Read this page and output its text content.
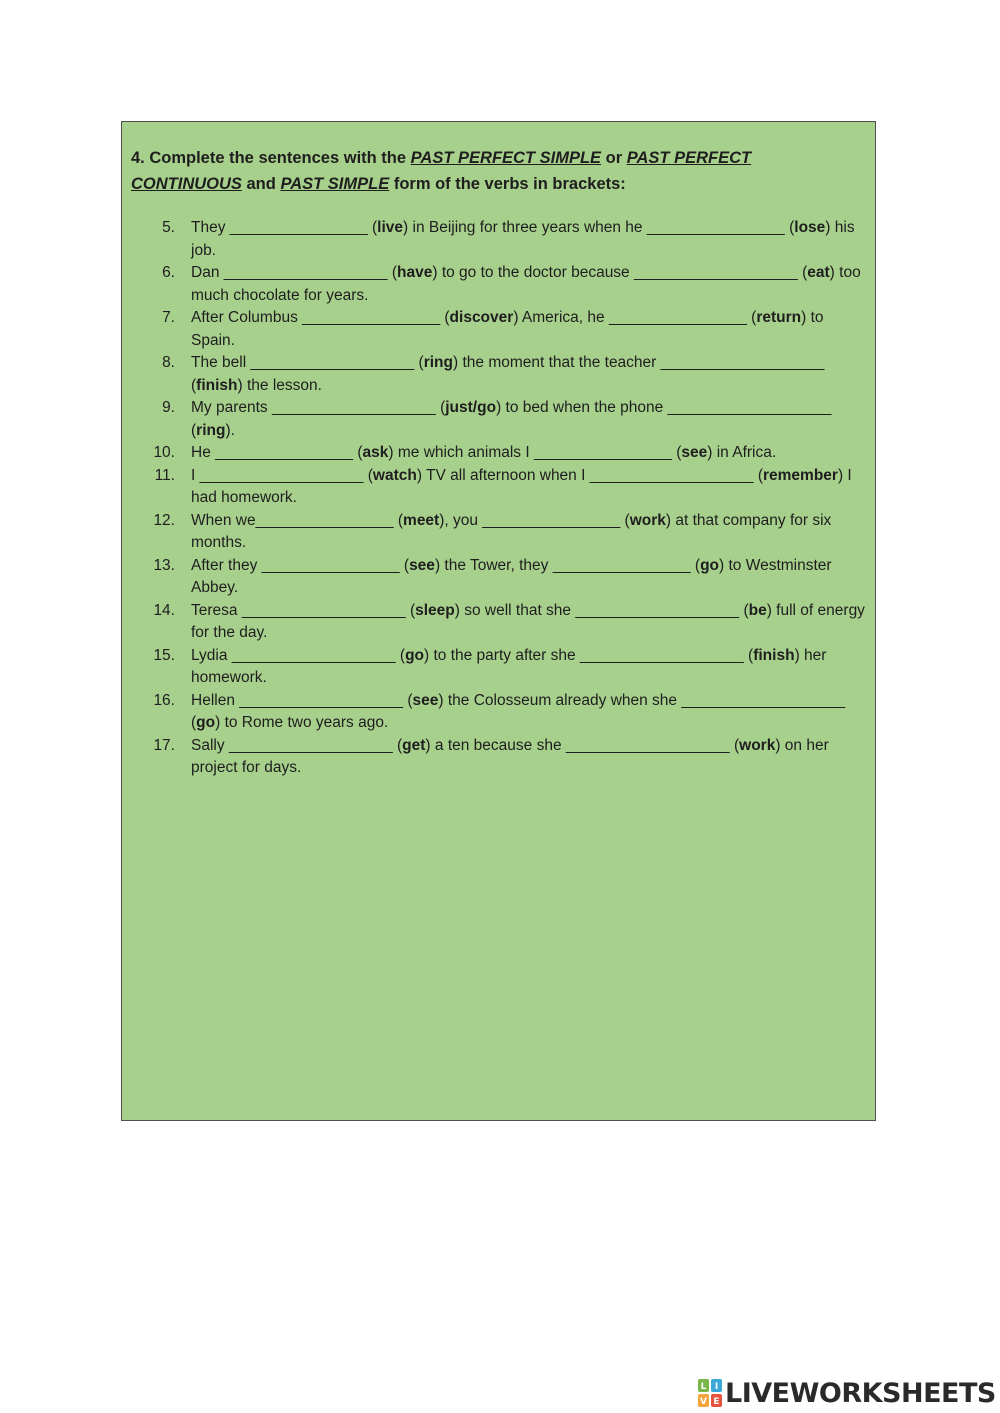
4. Complete the sentences with the PAST PERFECT SIMPLE or PAST PERFECT
CONTINUOUS and PAST SIMPLE form of the verbs in brackets:
5. They ________________ (live) in Beijing for three years when he ________________ (lose) his job.
6. Dan ___________________ (have) to go to the doctor because ___________________ (eat) too much chocolate for years.
7. After Columbus ________________ (discover) America, he ________________ (return) to Spain.
8. The bell ___________________ (ring) the moment that the teacher ___________________ (finish) the lesson.
9. My parents ___________________ (just/go) to bed when the phone ___________________ (ring).
10. He ________________ (ask) me which animals I ________________ (see) in Africa.
11. I ___________________ (watch) TV all afternoon when I ___________________ (remember) I had homework.
12. When we________________ (meet), you ________________ (work) at that company for six months.
13. After they ________________ (see) the Tower, they ________________ (go) to Westminster Abbey.
14. Teresa ___________________ (sleep) so well that she ___________________ (be) full of energy for the day.
15. Lydia ___________________ (go) to the party after she ___________________ (finish) her homework.
16. Hellen ___________________ (see) the Colosseum already when she ___________________ (go) to Rome two years ago.
17. Sally ___________________ (get) a ten because she ___________________ (work) on her project for days.
L I
V E LIVEWORKSHEETS
